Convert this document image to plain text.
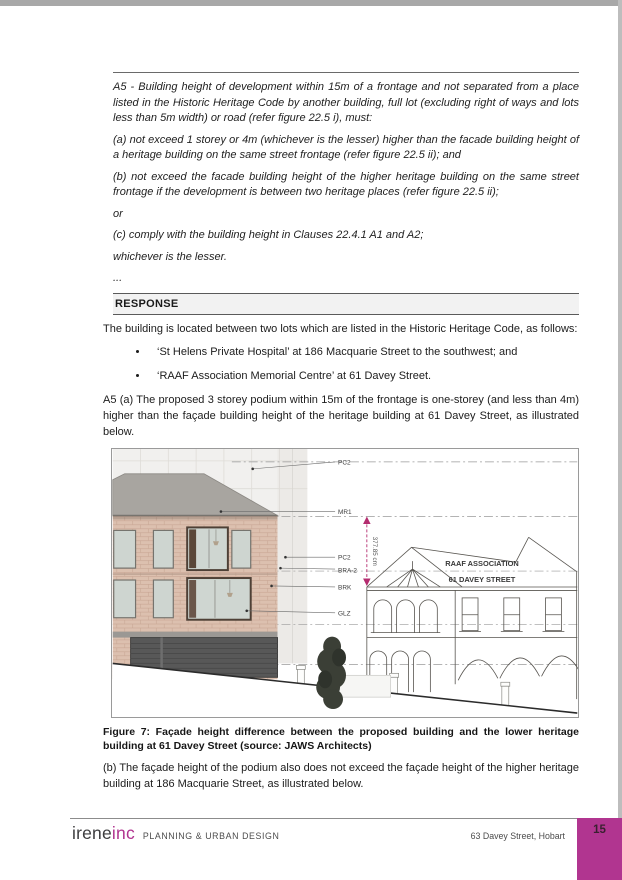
A5 - Building height of development within 15m of a frontage and not separated from a place listed in the Historic Heritage Code by another building, full lot (excluding right of ways and lots less than 5m width) or road (refer figure 22.5 i), must:

(a) not exceed 1 storey or 4m (whichever is the lesser) higher than the facade building height of a heritage building on the same street frontage (refer figure 22.5 ii); and

(b) not exceed the facade building height of the higher heritage building on the same street frontage if the development is between two heritage places (refer figure 22.5 ii);

or

(c) comply with the building height in Clauses 22.4.1 A1 and A2;

whichever is the lesser.

...

RESPONSE

The building is located between two lots which are listed in the Historic Heritage Code, as follows:

• ‘St Helens Private Hospital’ at 186 Macquarie Street to the southwest; and
• ‘RAAF Association Memorial Centre’ at 61 Davey Street.

A5 (a) The proposed 3 storey podium within 15m of the frontage is one-storey (and less than 4m) higher than the façade building height of the heritage building at 61 Davey Street, as illustrated below.

RAAF ASSOCIATION
61 DAVEY STREET
PC2
MR1
PC2
BRA-2
BRK
GLZ
377.85 cm

Figure 7: Façade height difference between the proposed building and the lower heritage building at 61 Davey Street (source: JAWS Architects)

(b) The façade height of the podium also does not exceed the façade height of the higher heritage building at 186 Macquarie Street, as illustrated below.

ireneinc PLANNING & URBAN DESIGN	63 Davey Street, Hobart	15
